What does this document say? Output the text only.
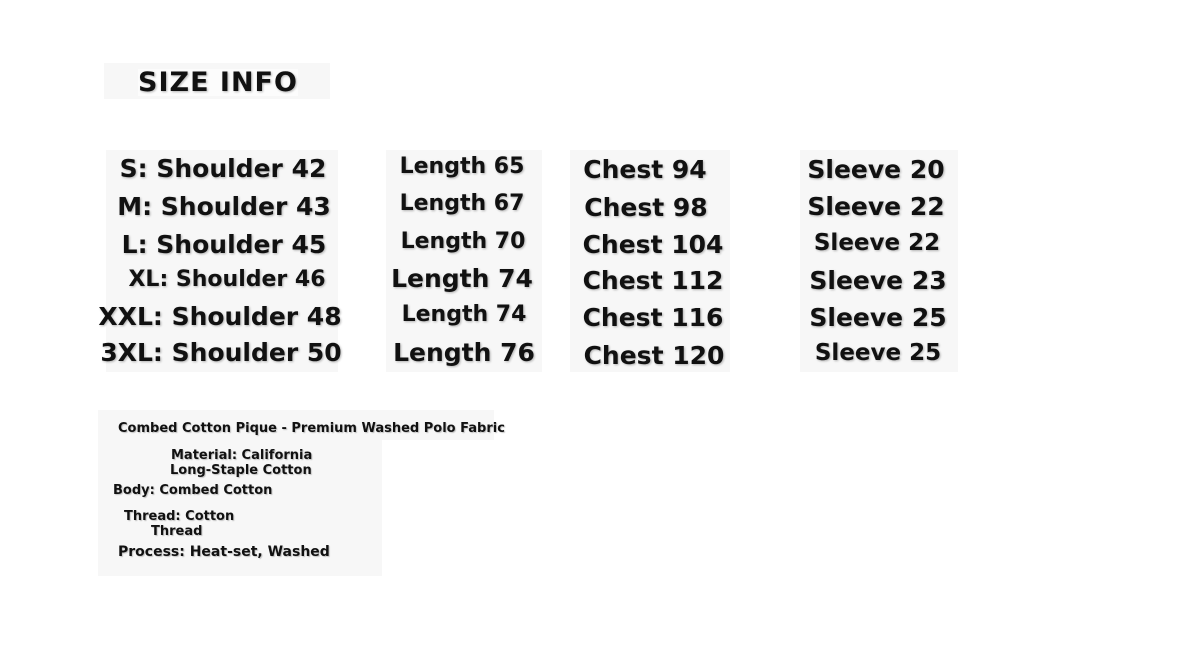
SIZE INFO
S: Shoulder 42	Length 65 Chest 94	Sleeve 20
M: Shoulder 43	Length 67 Chest 98	Sleeve 22
L: Shoulder 45	Length 70 Chest 104	Sleeve 22
XL: Shoulder 46	Length 74 Chest 112	Sleeve 23
XXL: Shoulder 48	Length 74 Chest 116	Sleeve 25
3XL: Shoulder 50 Length 76 Chest 120	Sleeve 25
Combed Cotton Pique - Premium Washed Polo Fabric
Material: California
Long-Staple Cotton
Body: Combed Cotton
Thread: Cotton
Thread
Process: Heat-set, Washed
